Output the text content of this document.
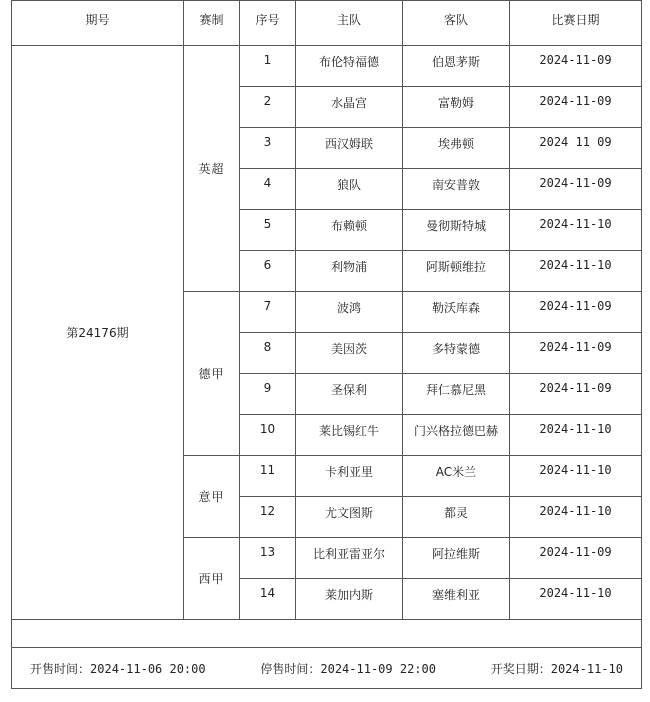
期号	赛制	序号	主队	客队	比赛日期
第24176期	英超	1	布伦特福德	伯恩茅斯	2024-11-09
		2	水晶宫	富勒姆	2024-11-09
		3	西汉姆联	埃弗顿	2024 11 09
		4	狼队	南安普敦	2024-11-09
		5	布赖顿	曼彻斯特城	2024-11-10
		6	利物浦	阿斯顿维拉	2024-11-10
	德甲	7	波鸿	勒沃库森	2024-11-09
		8	美因茨	多特蒙德	2024-11-09
		9	圣保利	拜仁慕尼黑	2024-11-09
		10	莱比锡红牛	门兴格拉德巴赫	2024-11-10
	意甲	11	卡利亚里	AC米兰	2024-11-10
		12	尤文图斯	都灵	2024-11-10
	西甲	13	比利亚雷亚尔	阿拉维斯	2024-11-09
		14	莱加内斯	塞维利亚	2024-11-10

开售时间：2024-11-06 20:00 停售时间：2024-11-09 22:00 开奖日期：2024-11-10					
